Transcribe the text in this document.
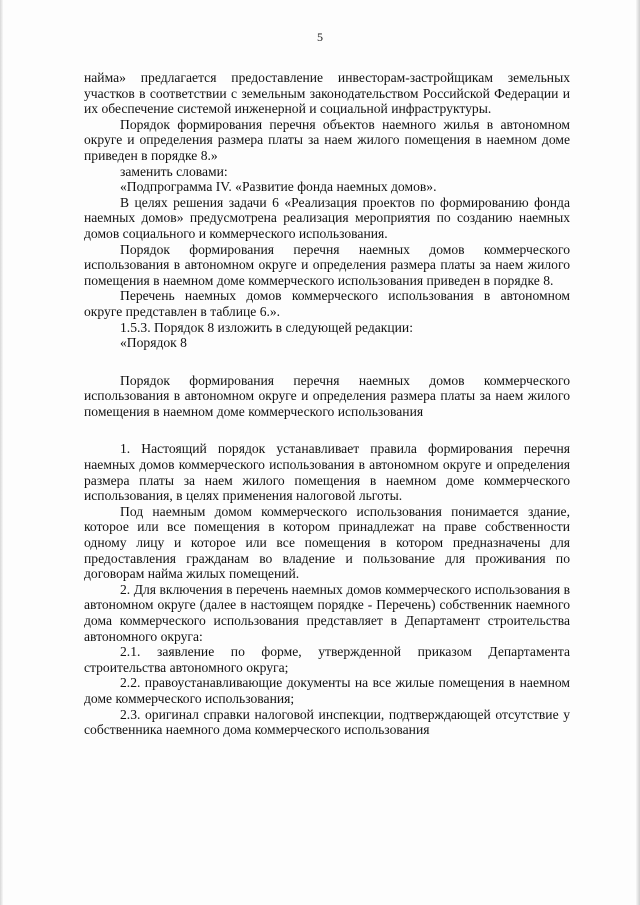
5

найма» предлагается предоставление инвесторам-застройщикам земельных участков в соответствии с земельным законодательством Российской Федерации и их обеспечение системой инженерной и социальной инфраструктуры.

Порядок формирования перечня объектов наемного жилья в автономном округе и определения размера платы за наем жилого помещения в наемном доме приведен в порядке 8.»

заменить словами:

«Подпрограмма IV. «Развитие фонда наемных домов».

В целях решения задачи 6 «Реализация проектов по формированию фонда наемных домов» предусмотрена реализация мероприятия по созданию наемных домов социального и коммерческого использования.

Порядок формирования перечня наемных домов коммерческого использования в автономном округе и определения размера платы за наем жилого помещения в наемном доме коммерческого использования приведен в порядке 8.

Перечень наемных домов коммерческого использования в автономном округе представлен в таблице 6.».

1.5.3. Порядок 8 изложить в следующей редакции:

«Порядок 8

Порядок формирования перечня наемных домов коммерческого использования в автономном округе и определения размера платы за наем жилого помещения в наемном доме коммерческого использования

1. Настоящий порядок устанавливает правила формирования перечня наемных домов коммерческого использования в автономном округе и определения размера платы за наем жилого помещения в наемном доме коммерческого использования, в целях применения налоговой льготы.

Под наемным домом коммерческого использования понимается здание, которое или все помещения в котором принадлежат на праве собственности одному лицу и которое или все помещения в котором предназначены для предоставления гражданам во владение и пользование для проживания по договорам найма жилых помещений.

2. Для включения в перечень наемных домов коммерческого использования в автономном округе (далее в настоящем порядке - Перечень) собственник наемного дома коммерческого использования представляет в Департамент строительства автономного округа:

2.1. заявление по форме, утвержденной приказом Департамента строительства автономного округа;

2.2. правоустанавливающие документы на все жилые помещения в наемном доме коммерческого использования;

2.3. оригинал справки налоговой инспекции, подтверждающей отсутствие у собственника наемного дома коммерческого использования
